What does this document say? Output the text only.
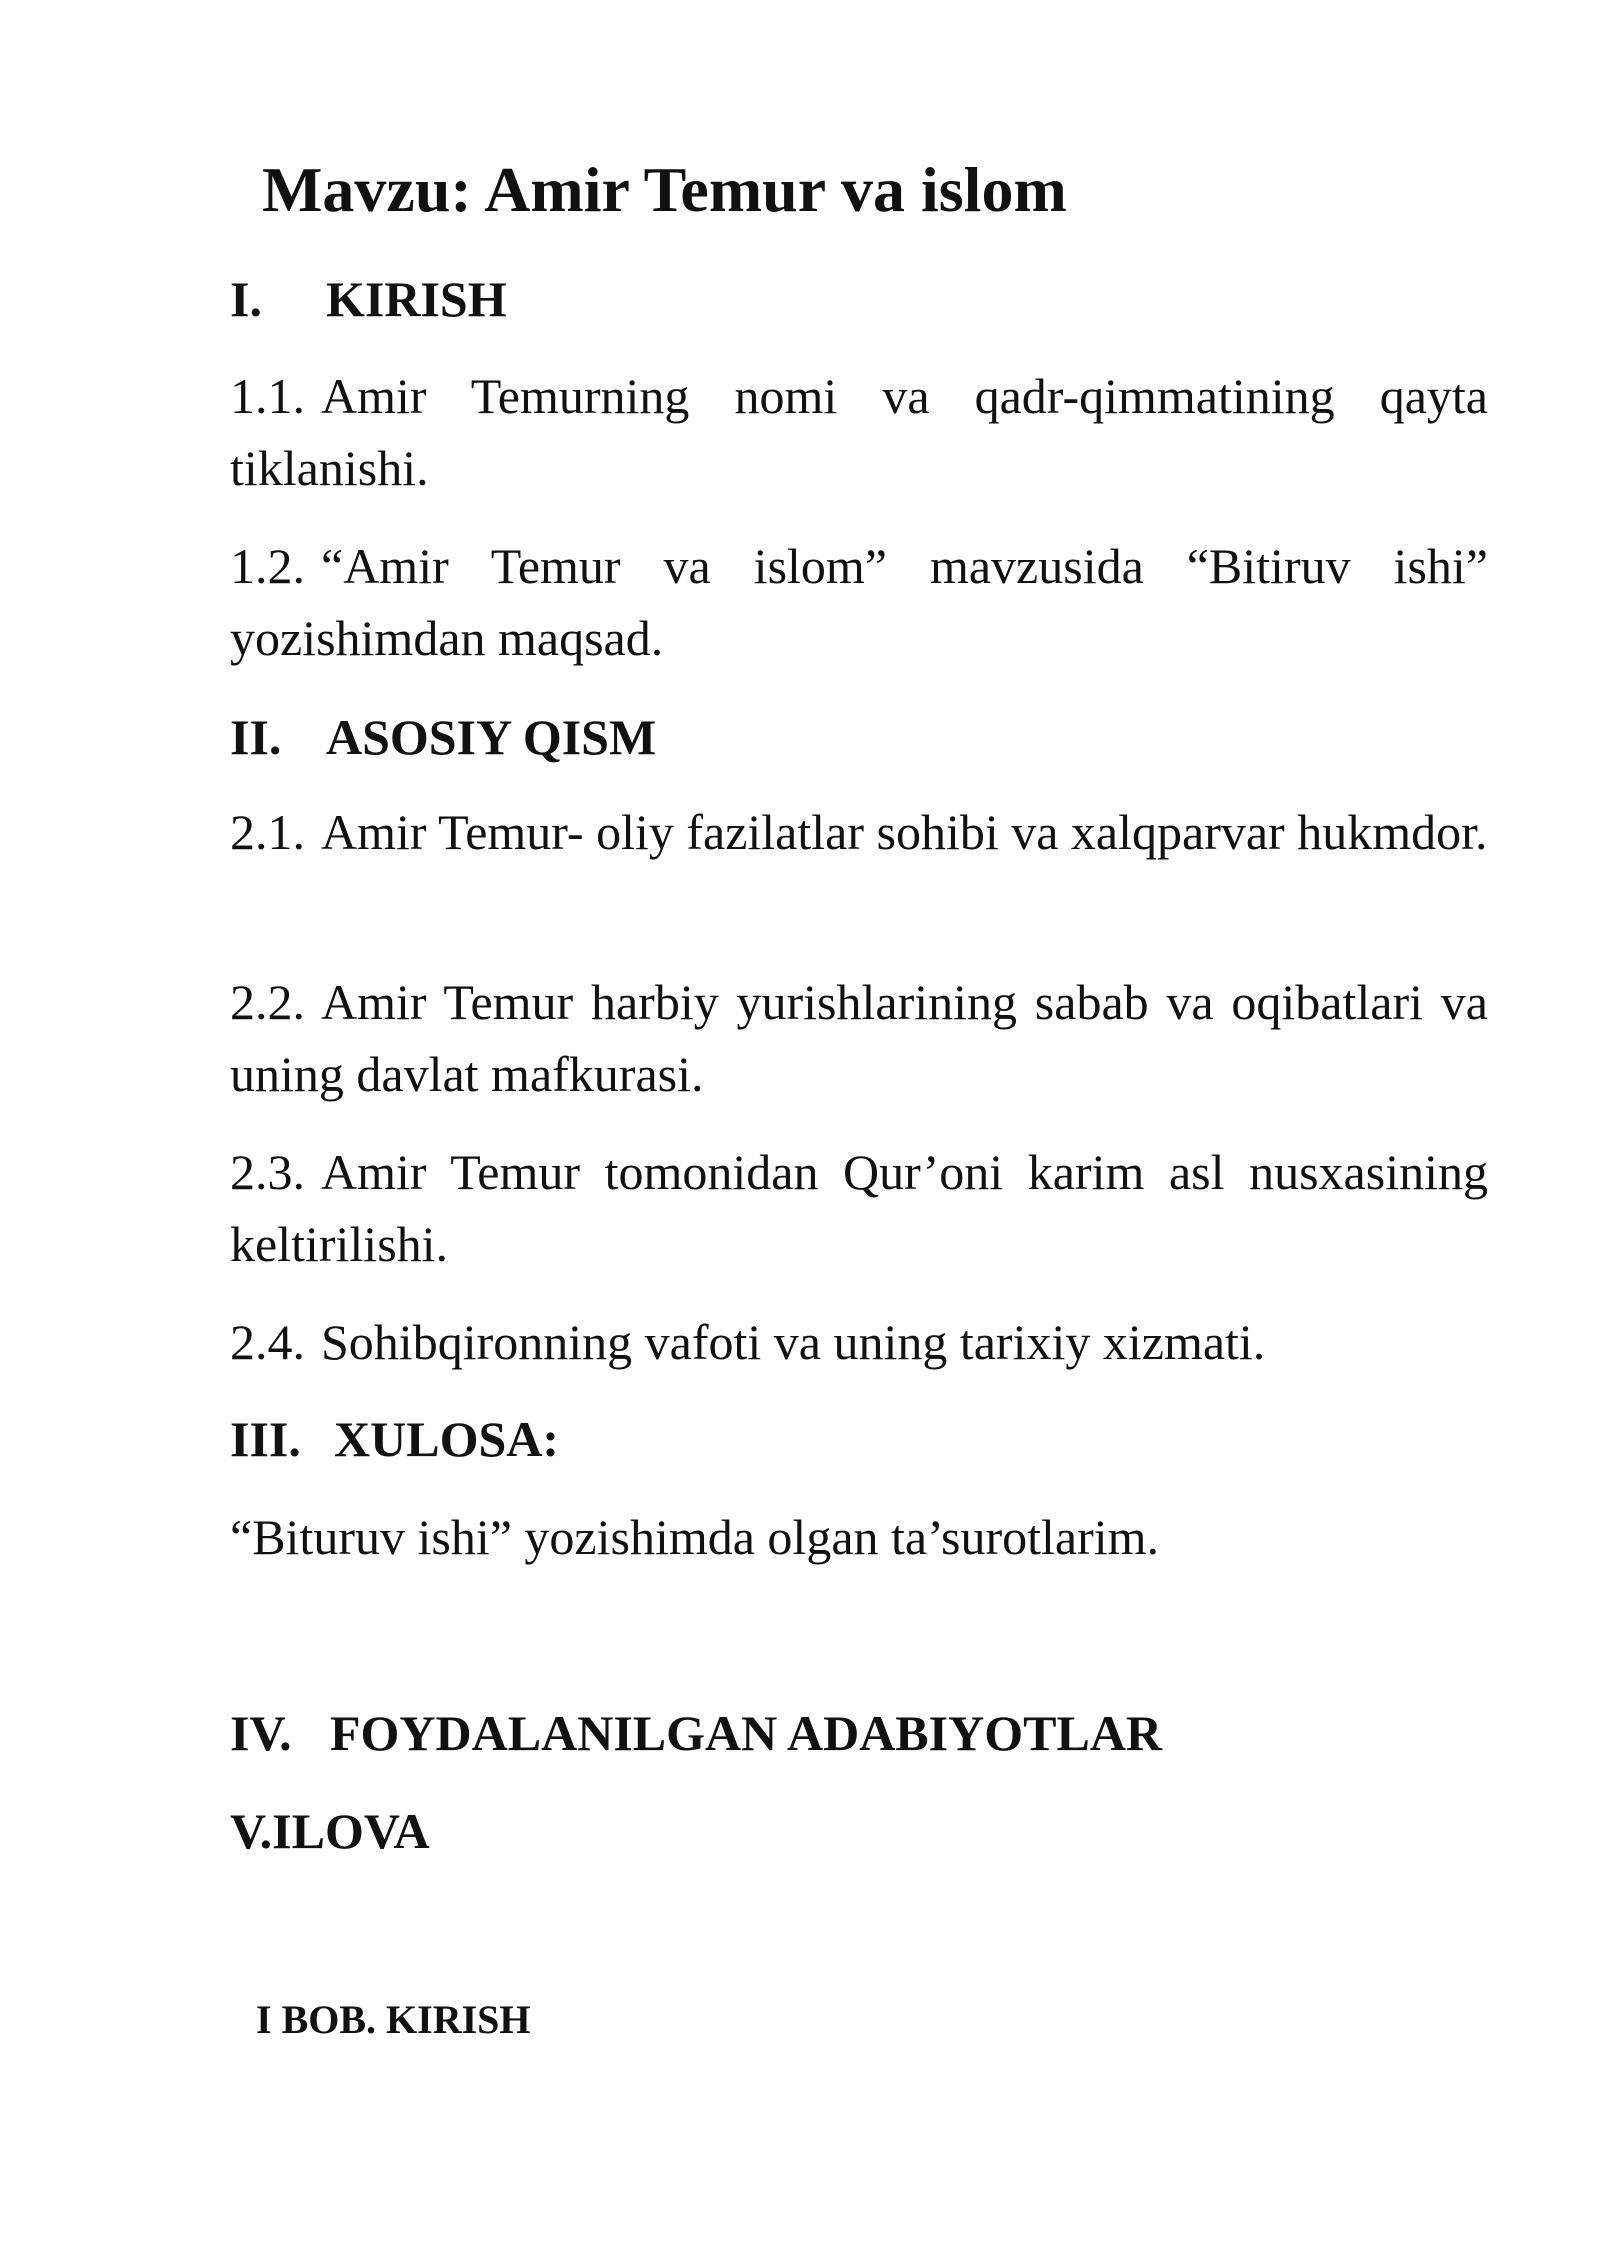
Mavzu: Amir Temur va islom
I. KIRISH
1.1. Amir Temurning nomi va qadr-qimmatining qayta tiklanishi.
1.2. “Amir Temur va islom” mavzusida “Bitiruv ishi” yozishimdan maqsad.
II. ASOSIY QISM
2.1. Amir Temur- oliy fazilatlar sohibi va xalqparvar hukmdor.
2.2. Amir Temur harbiy yurishlarining sabab va oqibatlari va uning davlat mafkurasi.
2.3. Amir Temur tomonidan Qur’oni karim asl nusxasining keltirilishi.
2.4. Sohibqironning vafoti va uning tarixiy xizmati.
III. XULOSA:
“Bituruv ishi” yozishimda olgan ta’surotlarim.
IV. FOYDALANILGAN ADABIYOTLAR
V.ILOVA
I BOB. KIRISH
